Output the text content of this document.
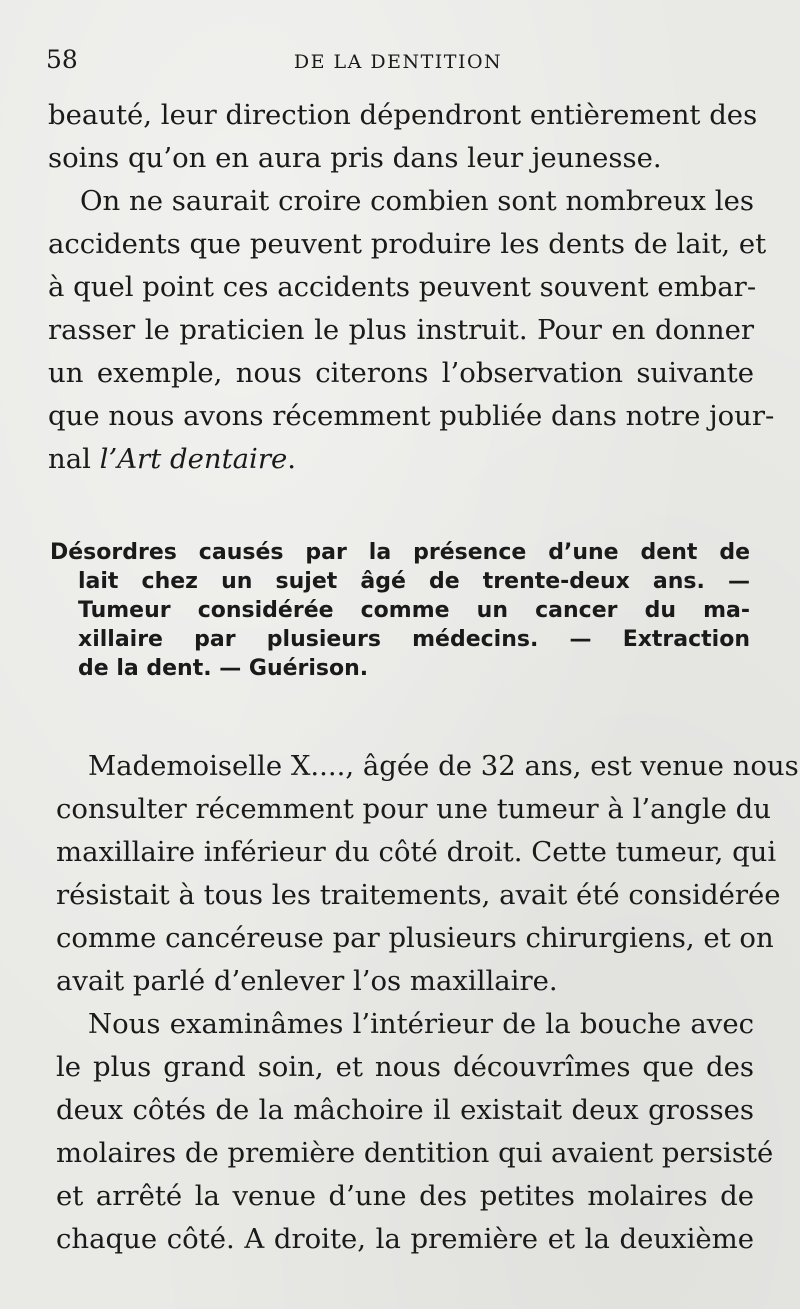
58	DE LA DENTITION
beauté, leur direction dépendront entièrement des
soins qu’on en aura pris dans leur jeunesse.
On ne saurait croire combien sont nombreux les
accidents que peuvent produire les dents de lait, et
à quel point ces accidents peuvent souvent embar-
rasser le praticien le plus instruit. Pour en donner
un exemple, nous citerons l’observation suivante
que nous avons récemment publiée dans notre jour-
nal l’Art dentaire.
Désordres causés par la présence d’une dent de
lait chez un sujet âgé de trente-deux ans. —
Tumeur considérée comme un cancer du ma-
xillaire par plusieurs médecins. — Extraction
de la dent. — Guérison.
Mademoiselle X...., âgée de 32 ans, est venue nous
consulter récemment pour une tumeur à l’angle du
maxillaire inférieur du côté droit. Cette tumeur, qui
résistait à tous les traitements, avait été considérée
comme cancéreuse par plusieurs chirurgiens, et on
avait parlé d’enlever l’os maxillaire.
Nous examinâmes l’intérieur de la bouche avec
le plus grand soin, et nous découvrîmes que des
deux côtés de la mâchoire il existait deux grosses
molaires de première dentition qui avaient persisté
et arrêté la venue d’une des petites molaires de
chaque côté. A droite, la première et la deuxième
